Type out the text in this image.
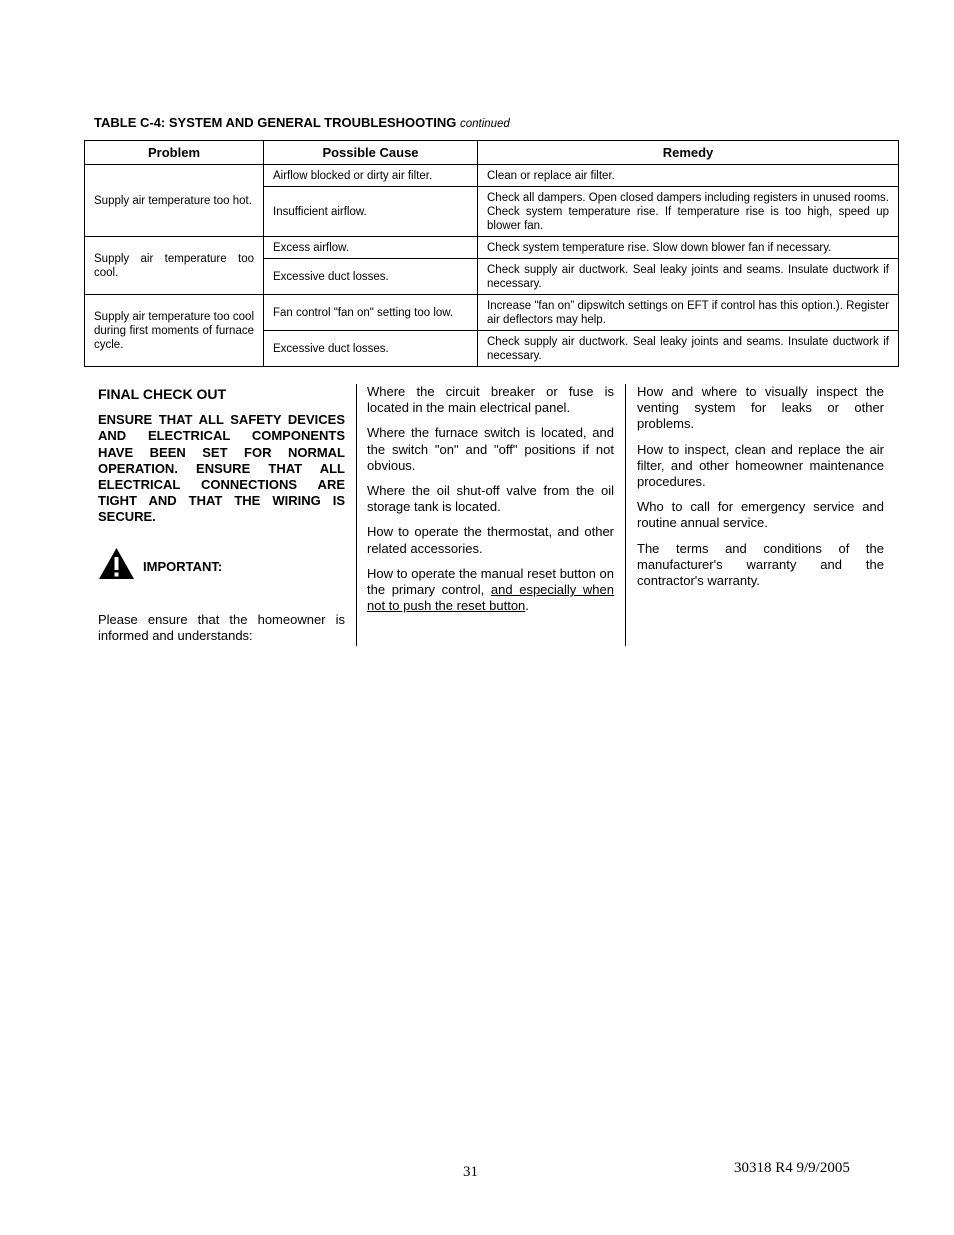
TABLE C-4: SYSTEM AND GENERAL TROUBLESHOOTING continued
Problem	Possible Cause	Remedy
Supply air temperature too hot.	Airflow blocked or dirty air filter.	Clean or replace air filter.
	Insufficient airflow.	Check all dampers. Open closed dampers including registers in unused rooms. Check system temperature rise. If temperature rise is too high, speed up blower fan.
Supply air temperature too cool.	Excess airflow.	Check system temperature rise. Slow down blower fan if necessary.
	Excessive duct losses.	Check supply air ductwork. Seal leaky joints and seams. Insulate ductwork if necessary.
Supply air temperature too cool during first moments of furnace cycle.	Fan control "fan on" setting too low.	Increase "fan on” dipswitch settings on EFT if control has this option.). Register air deflectors may help.
	Excessive duct losses.	Check supply air ductwork. Seal leaky joints and seams. Insulate ductwork if necessary.
FINAL CHECK OUT
ENSURE THAT ALL SAFETY DEVICES AND ELECTRICAL COMPONENTS HAVE BEEN SET FOR NORMAL OPERATION. ENSURE THAT ALL ELECTRICAL CONNECTIONS ARE TIGHT AND THAT THE WIRING IS SECURE.
IMPORTANT:
Please ensure that the homeowner is informed and understands:
Where the circuit breaker or fuse is located in the main electrical panel.
Where the furnace switch is located, and the switch "on" and "off" positions if not obvious.
Where the oil shut-off valve from the oil storage tank is located.
How to operate the thermostat, and other related accessories.
How to operate the manual reset button on the primary control, and especially when not to push the reset button.
How and where to visually inspect the venting system for leaks or other problems.
How to inspect, clean and replace the air filter, and other homeowner maintenance procedures.
Who to call for emergency service and routine annual service.
The terms and conditions of the manufacturer's warranty and the contractor's warranty.
31	30318 R4 9/9/2005
